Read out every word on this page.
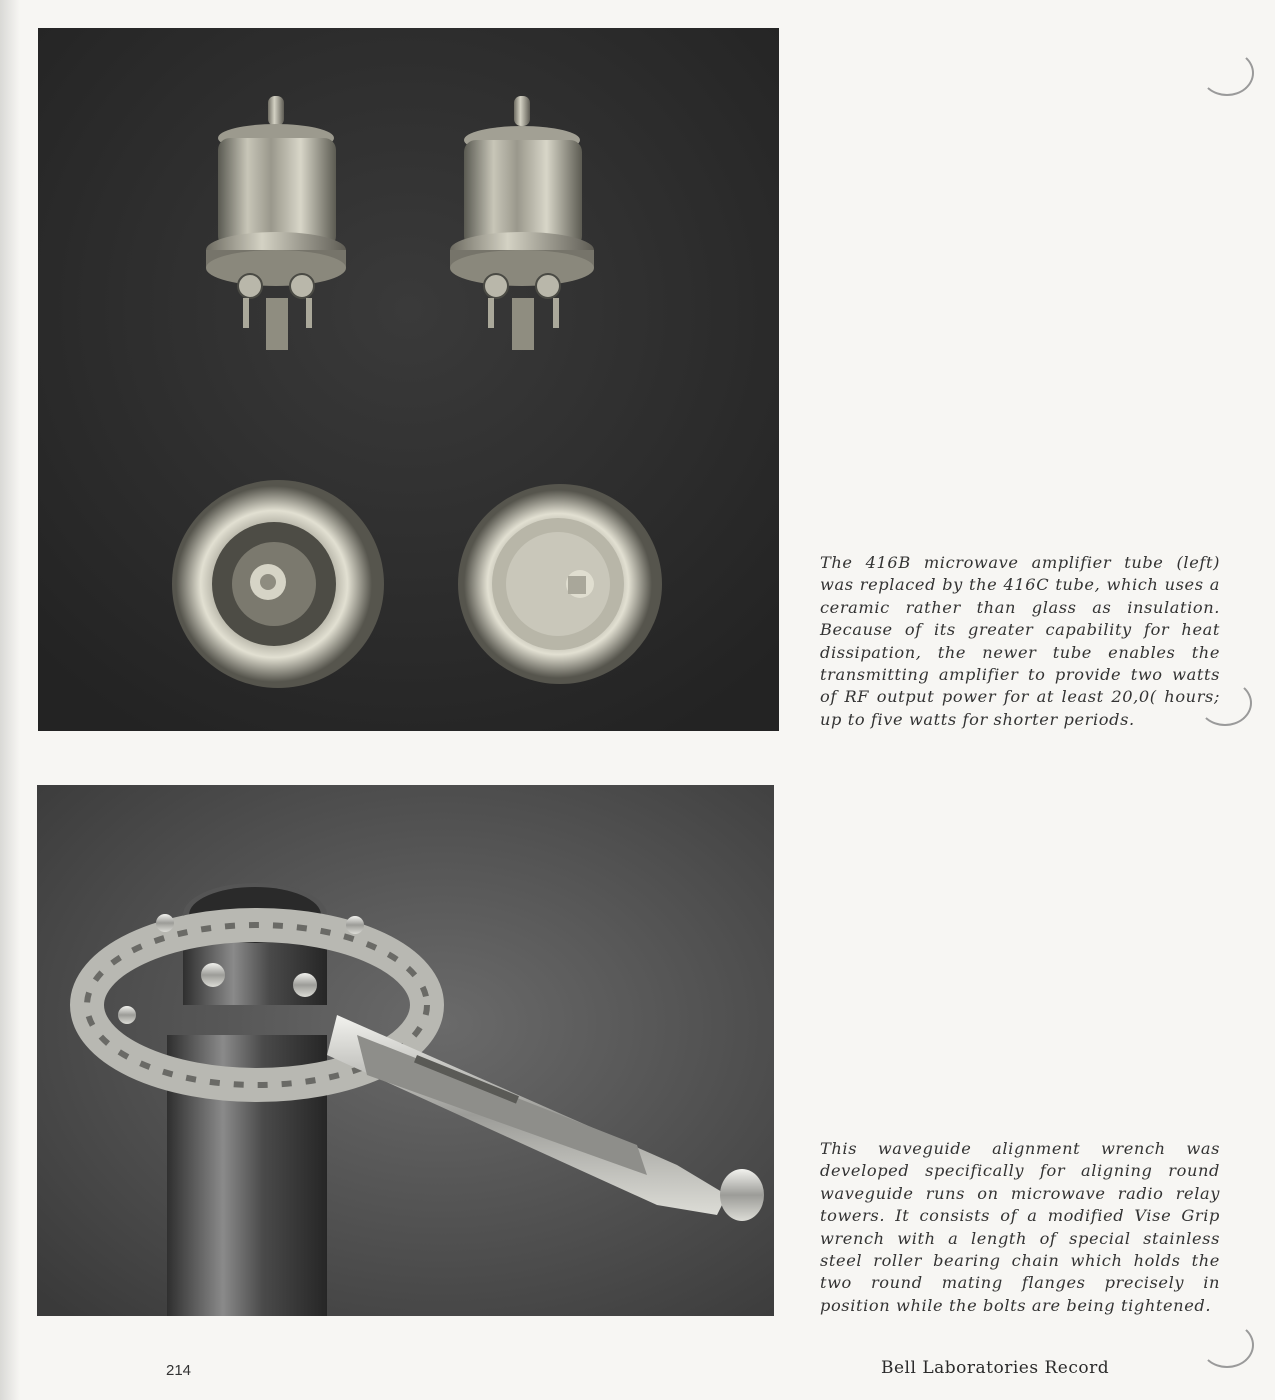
The 416B microwave amplifier tube (left) was replaced by the 416C tube, which uses a ceramic rather than glass as insulation. Because of its greater capability for heat dissipation, the newer tube enables the transmitting amplifier to provide two watts of RF output power for at least 20,0( hours; up to five watts for shorter periods.

This waveguide alignment wrench was developed specifically for aligning round waveguide runs on microwave radio relay towers. It consists of a modified Vise Grip wrench with a length of special stainless steel roller bearing chain which holds the two round mating flanges precisely in position while the bolts are being tightened.

214	Bell Laboratories Record
